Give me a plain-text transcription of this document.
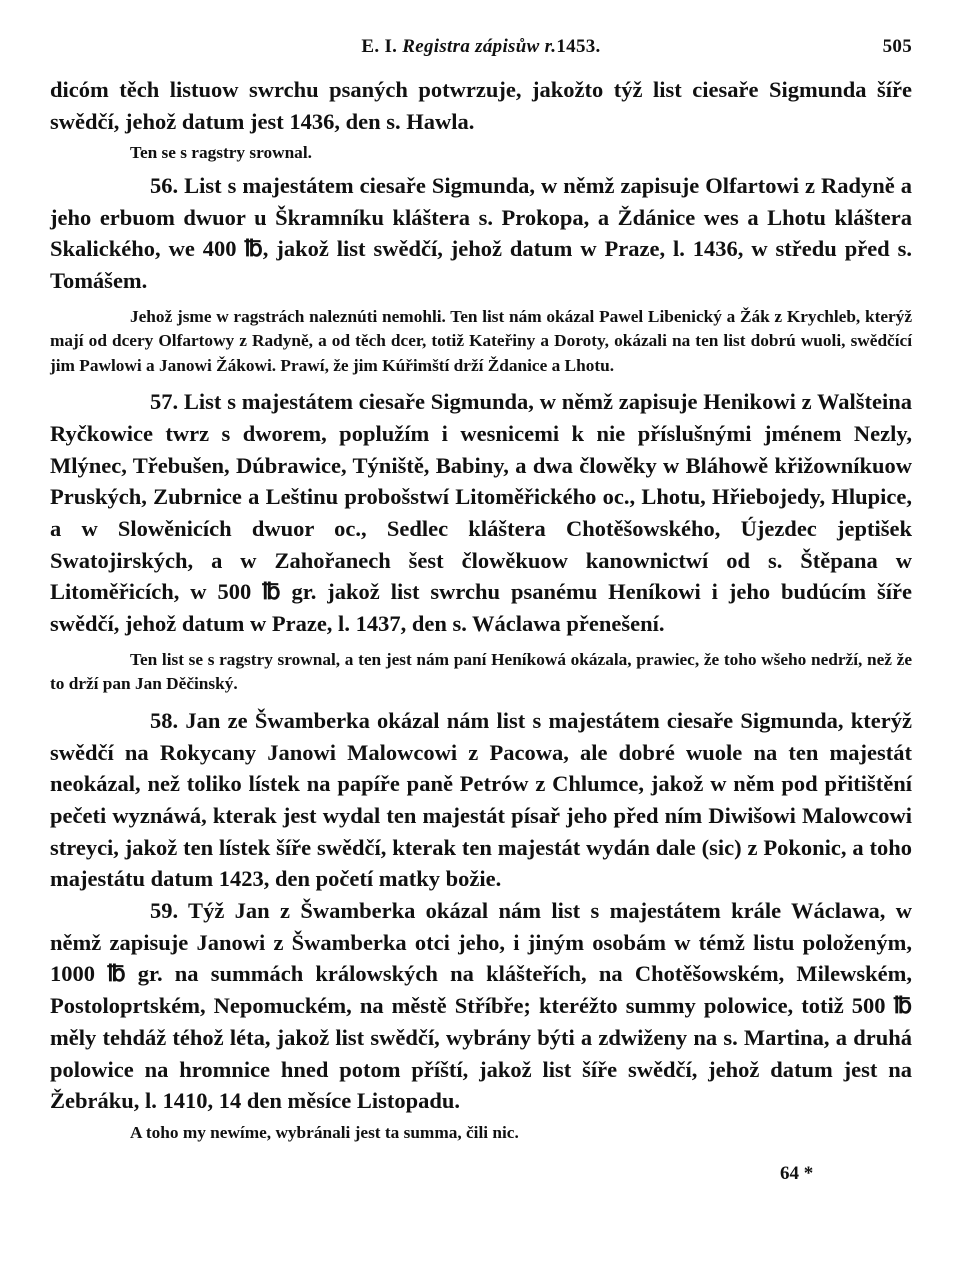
E. I. Registra zápisůw r.1453.	505

dicóm těch listuow swrchu psaných potwrzuje, jakožto týž list ciesaře Sigmunda šíře swědčí, jehož datum jest 1436, den s. Hawla.

Ten se s ragstry srownal.

56. List s majestátem ciesaře Sigmunda, w němž zapisuje Olfartowi z Radyně a jeho erbuom dwuor u Škramníku kláštera s. Prokopa, a Ždánice wes a Lhotu kláštera Skalického, we 400 ℔, jakož list swědčí, jehož datum w Praze, l. 1436, w středu před s. Tomášem.

Jehož jsme w ragstrách naleznúti nemohli. Ten list nám okázal Pawel Libenický a Žák z Krychleb, kterýž mají od dcery Olfartowy z Radyně, a od těch dcer, totiž Kateřiny a Doroty, okázali na ten list dobrú wuoli, swědčící jim Pawlowi a Janowi Žákowi. Prawí, že jim Kúřimští drží Ždanice a Lhotu.

57. List s majestátem ciesaře Sigmunda, w němž zapisuje Henikowi z Walšteina Ryčkowice twrz s dworem, poplužím i wesnicemi k nie příslušnými jménem Nezly, Mlýnec, Třebušen, Dúbrawice, Týniště, Babiny, a dwa člowěky w Bláhowě křižowníkuow Pruských, Zubrnice a Leštinu probošstwí Litoměřického oc., Lhotu, Hřiebojedy, Hlupice, a w Slowěnicích dwuor oc., Sedlec kláštera Chotěšowského, Újezdec jeptišek Swatojirských, a w Zahořanech šest člowěkuow kanownictwí od s. Štěpana w Litoměřicích, w 500 ℔ gr. jakož list swrchu psanému Heníkowi i jeho budúcím šíře swědčí, jehož datum w Praze, l. 1437, den s. Wáclawa přenešení.

Ten list se s ragstry srownal, a ten jest nám paní Heníkowá okázala, prawiec, že toho wšeho nedrží, než že to drží pan Jan Děčinský.

58. Jan ze Šwamberka okázal nám list s majestátem ciesaře Sigmunda, kterýž swědčí na Rokycany Janowi Malowcowi z Pacowa, ale dobré wuole na ten majestát neokázal, než toliko lístek na papíře paně Petrów z Chlumce, jakož w něm pod přitištění pečeti wyznáwá, kterak jest wydal ten majestát písař jeho před ním Diwišowi Malowcowi streyci, jakož ten lístek šíře swědčí, kterak ten majestát wydán dale (sic) z Pokonic, a toho majestátu datum 1423, den početí matky božie.

59. Týž Jan z Šwamberka okázal nám list s majestátem krále Wáclawa, w němž zapisuje Janowi z Šwamberka otci jeho, i jiným osobám w témž listu položeným, 1000 ℔ gr. na summách králowských na klášteřích, na Chotěšowském, Milewském, Postoloprtském, Nepomuckém, na městě Stříbře; kteréžto summy polowice, totiž 500 ℔ měly tehdáž téhož léta, jakož list swědčí, wybrány býti a zdwiženy na s. Martina, a druhá polowice na hromnice hned potom příští, jakož list šíře swědčí, jehož datum jest na Žebráku, l. 1410, 14 den měsíce Listopadu.

A toho my newíme, wybránali jest ta summa, čili nic.

64 *
